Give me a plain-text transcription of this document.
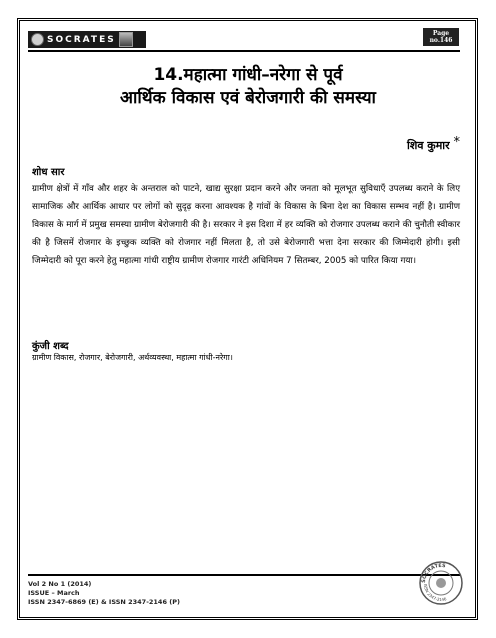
SOCRATES
Page
no.146
14.महात्मा गांधी–नरेगा से पूर्व
आर्थिक विकास एवं बेरोजगारी की समस्या
शिव कुमार *
शोध सार
ग्रामीण क्षेत्रों में गाँव और शहर के अन्तराल को पाटने, खाद्य सुरक्षा प्रदान करने और जनता को मूलभूत सुविधाएँ उपलब्ध कराने के लिए सामाजिक और आर्थिक आधार पर लोगों को सुदृढ़ करना आवश्यक है गांवों के विकास के बिना देश का विकास सम्भव नहीं है। ग्रामीण विकास के मार्ग में प्रमुख समस्या ग्रामीण बेरोजगारी की है। सरकार ने इस दिशा में हर व्यक्ति को रोजगार उपलब्ध कराने की चुनौती स्वीकार की है जिसमें रोजगार के इच्छुक व्यक्ति को रोजगार नहीं मिलता है, तो उसे बेरोजगारी भत्ता देना सरकार की जिम्मेदारी होगी। इसी जिम्मेदारी को पूरा करने हेतु महात्मा गांधी राष्ट्रीय ग्रामीण रोजगार गारंटी अधिनियम 7 सितम्बर, 2005 को पारित किया गया।
कुंजी शब्द
ग्रामीण विकास, रोजगार, बेरोजगारी, अर्थव्यवस्था, महात्मा गांधी-नरेगा।
Vol 2 No 1 (2014)
ISSUE – March
ISSN 2347-6869 (E) & ISSN 2347-2146 (P)
SOCRATES
ISSN 2347-2146
